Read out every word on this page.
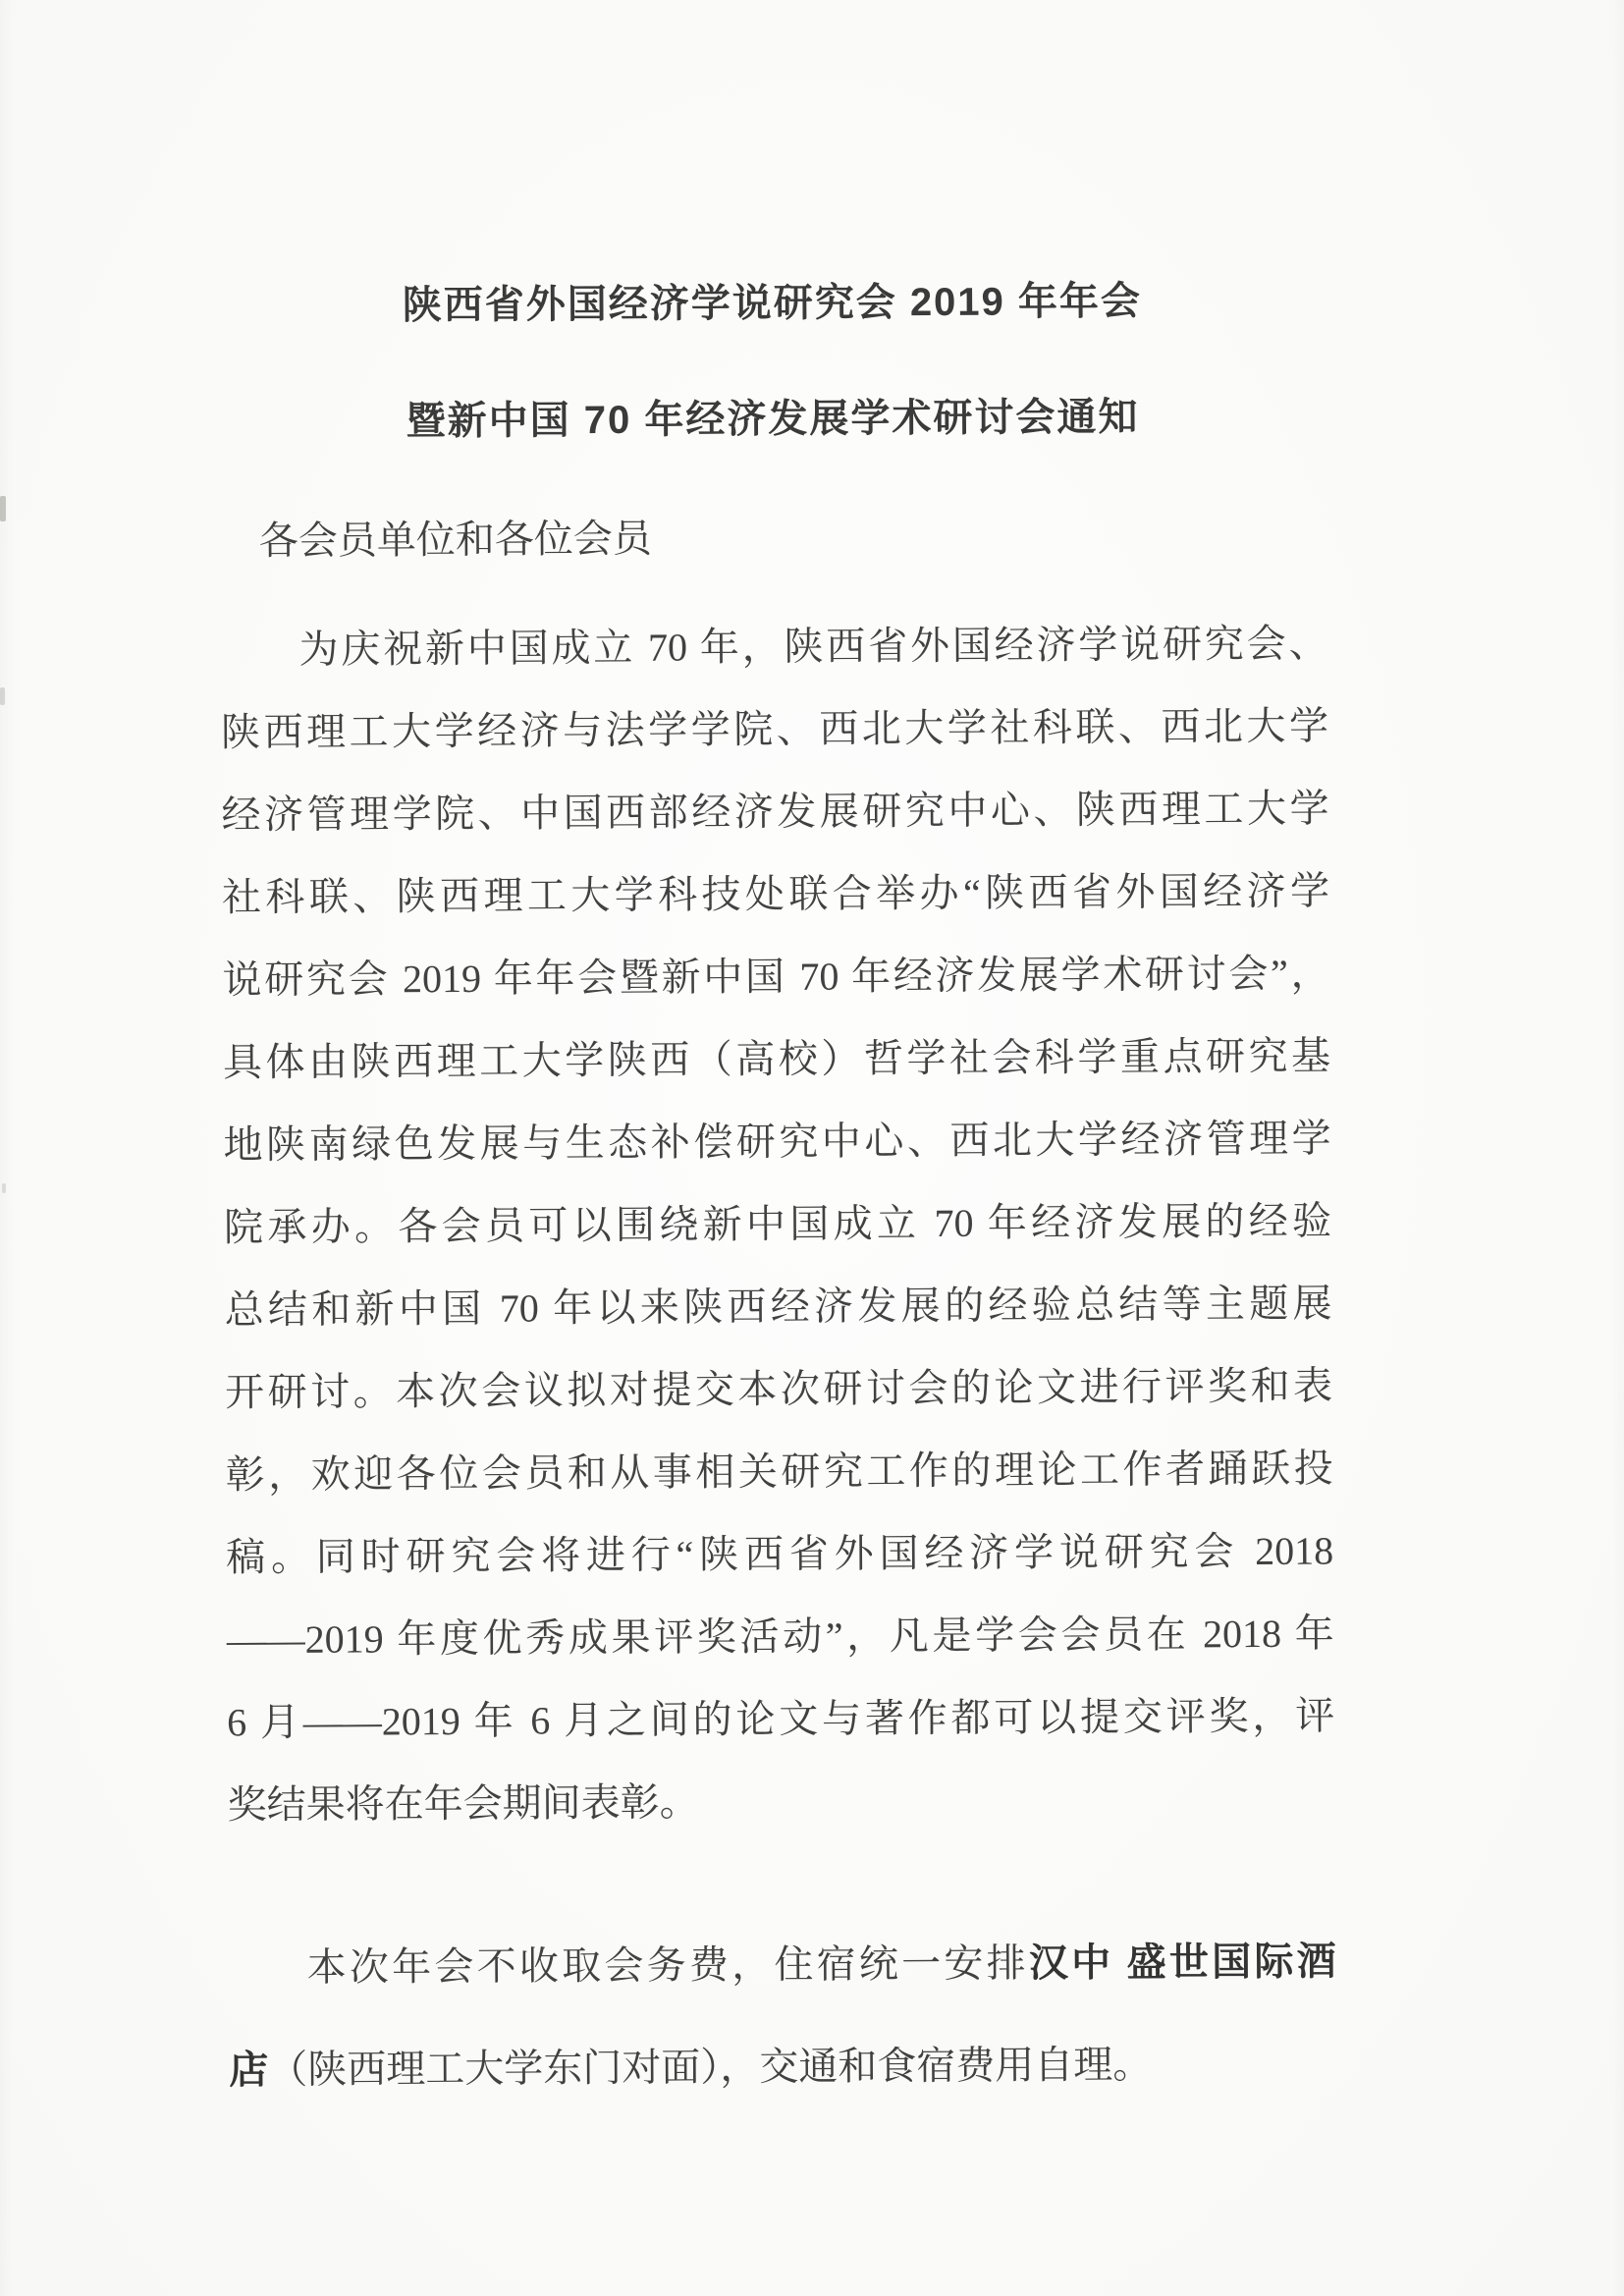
陕西省外国经济学说研究会 2019 年年会
暨新中国 70 年经济发展学术研讨会通知
各会员单位和各位会员
为庆祝新中国成立 70 年，陕西省外国经济学说研究会、
陕西理工大学经济与法学学院、西北大学社科联、西北大学
经济管理学院、中国西部经济发展研究中心、陕西理工大学
社科联、陕西理工大学科技处联合举办“陕西省外国经济学
说研究会 2019 年年会暨新中国 70 年经济发展学术研讨会”，
具体由陕西理工大学陕西（高校）哲学社会科学重点研究基
地陕南绿色发展与生态补偿研究中心、西北大学经济管理学
院承办。各会员可以围绕新中国成立 70 年经济发展的经验
总结和新中国 70 年以来陕西经济发展的经验总结等主题展
开研讨。本次会议拟对提交本次研讨会的论文进行评奖和表
彰，欢迎各位会员和从事相关研究工作的理论工作者踊跃投
稿。同时研究会将进行“陕西省外国经济学说研究会 2018
——2019 年度优秀成果评奖活动”，凡是学会会员在 2018 年
6 月——2019 年 6 月之间的论文与著作都可以提交评奖，评
奖结果将在年会期间表彰。
本次年会不收取会务费，住宿统一安排汉中 盛世国际酒
店（陕西理工大学东门对面），交通和食宿费用自理。
